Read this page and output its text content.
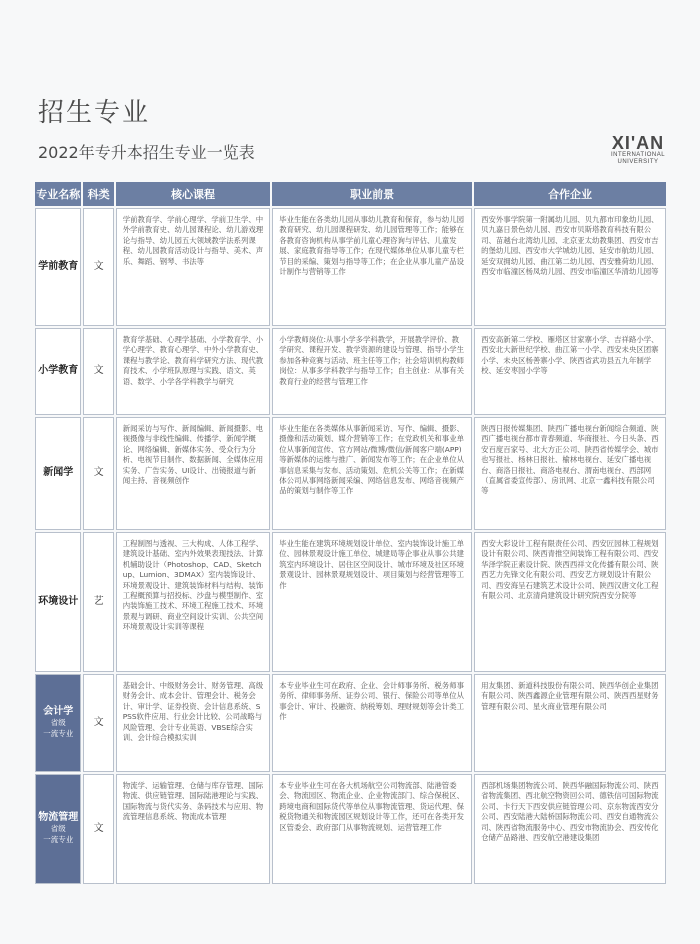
招生专业
2022年专升本招生专业一览表	XI'AN
INTERNATIONAL
UNIVERSITY
专业名称	科类	核心课程	职业前景	合作企业
学前教育	文	学前教育学、学前心理学、学前卫生学、中外学前教育史、幼儿园课程论、幼儿游戏理论与指导、幼儿园五大领域教学法系列课程、幼儿园教育活动设计与指导、美术、声乐、舞蹈、钢琴、书法等	毕业生能在各类幼儿园从事幼儿教育和保育，参与幼儿园教育研究、幼儿园课程研发、幼儿园管理等工作；能够在各教育咨询机构从事学前儿童心理咨询与评估、儿童发展、家庭教育指导等工作；在现代媒体单位从事儿童专栏节目的采编、策划与指导等工作；在企业从事儿童产品设计制作与营销等工作	西安外事学院第一附属幼儿园、贝九都市印象幼儿园、贝九嘉日景色幼儿园、西安市贝斯塔教育科技有限公司、苗越台北湾幼儿园、北京亚太幼教集团、西安市吉的堡幼儿园、西安市大学城幼儿园、延安市航幼儿园、延安双拥幼儿园、曲江第二幼儿园、西安雅荷幼儿园、西安市临潼区杨凤幼儿园、西安市临潼区华清幼儿园等
小学教育	文	教育学基础、心理学基础、小学教育学、小学心理学、教育心理学、中外小学教育史、课程与教学论、教育科学研究方法、现代教育技术、小学班队原理与实践、语文、英语、数学、小学各学科教学与研究	小学教师岗位:从事小学多学科教学，开展教学评价、教学研究、课程开发、教学资源的建设与管理、指导小学生参加各种竞赛与活动、班主任等工作；社会培训机构教师岗位：从事多学科教学与指导工作；自主创业：从事有关教育行业的经营与管理工作	西安高新第二学校、雁塔区甘家寨小学、吉祥路小学、西安北大新世纪学校、曲江第一小学、西安未央区团寨小学、未央区杨善寨小学、陕西省武功县五九年制学校、延安枣园小学等
新闻学	文	新闻采访与写作、新闻编辑、新闻摄影、电视摄像与非线性编辑、传播学、新闻学概论、网络编辑、新媒体实务、受众行为分析、电视节目制作、数据新闻、全媒体应用实务、广告实务、UI设计、出镜报道与新闻主持、音视频创作	毕业生能在各类媒体从事新闻采访、写作、编辑、摄影、摄像和活动策划、媒介营销等工作；在党政机关和事业单位从事新闻宣传、官方网站/微博/微信/新闻客户端(APP)等新媒体的运维与推广、新闻发布等工作；在企业单位从事信息采集与发布、活动策划、危机公关等工作；在新媒体公司从事网络新闻采编、网络信息发布、网络音视频产品的策划与制作等工作	陕西日报传媒集团、陕西广播电视台新闻综合频道、陕西广播电视台都市青春频道、华商报社、今日头条、西安百度百家号、北大方正公司、陕西省传媒学会、城市也写报社、杨林日报社、榆林电视台、延安广播电视台、商洛日报社、商洛电视台、渭南电视台、西部网（直属省委宣传部）、房讯网、北京一鑫科技有限公司等
环境设计	艺	工程制图与透视、三大构成、人体工程学、建筑设计基础、室内外效果表现技法、计算机辅助设计（Photoshop、CAD、Sketchup、Lumion、3DMAX）室内装饰设计、环境景观设计、建筑装饰材料与结构、装饰工程概预算与招投标、沙盘与模型制作、室内装饰施工技术、环境工程施工技术、环境景观与调研、商业空间设计实训、公共空间环境景观设计实训等课程	毕业生能在建筑环境规划设计单位、室内装饰设计施工单位、园林景观设计施工单位、城建局等企事业从事公共建筑室内环境设计、居住区空间设计、城市环境及社区环境景观设计、园林景观规划设计、项目策划与经营管理等工作	西安大彩设计工程有限责任公司、西安匠园林工程规划设计有限公司、陕西青推空间装饰工程有限公司、西安华泽学院正素设计院、陕西西祥文化传播有限公司、陕西艺力先锋文化有限公司、西安艺方规划设计有限公司、西安海呈石建筑艺术设计公司、陕西汉唐文化工程有限公司、北京清尚建筑设计研究院西安分院等

会计学
省级
一流专业	文	基础会计、中级财务会计、财务管理、高级财务会计、成本会计、管理会计、税务会计、审计学、证券投资、会计信息系统、SPSS软件应用、行业会计比较、公司战略与风险管理、会计专业英语、VBSE综合实训、会计综合模拟实训	本专业毕业生可在政府、企业、会计师事务所、税务师事务所、律师事务所、证券公司、银行、保险公司等单位从事会计、审计、投融资、纳税筹划、理财规划等会计类工作	用友集团、新道科技股份有限公司、陕西华创企业集团有限公司、陕西鑫源企业管理有限公司、陕西西星财务管理有限公司、星火商业管理有限公司

物流管理
省级
一流专业	文	物流学、运输管理、仓储与库存管理、国际物流、供应链管理、国际陆港理论与实践、国际物流与货代实务、条码技术与应用、物流管理信息系统、物流成本管理	本专业毕业生可在各大机场航空公司物流部、陆港管委会、物流园区、物流企业、企业物流部门、综合保税区、跨境电商和国际货代等单位从事物流管理、货运代理、保税货物通关和物流园区规划设计等工作，还可在各类开发区管委会、政府部门从事物流规划、运营管理工作	西部机场集团物流公司、陕西华融国际物流公司、陕西省物流集团、西北航空物资回公司、德铁信可国际物流公司、卡行天下西安供应链管理公司、京东物流西安分公司、西安陆港大陆桥国际物流公司、西安自通物流公司、陕西省物流服务中心、西安市物流协会、西安传化仓储产品路港、西安航空港建设集团
